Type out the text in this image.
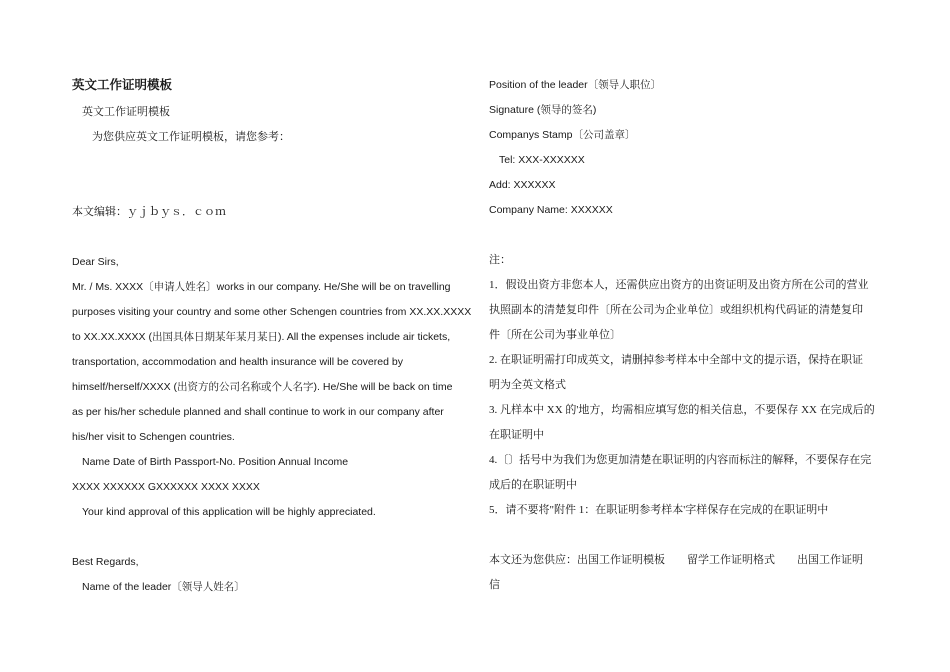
英文工作证明模板
英文工作证明模板
为您供应英文工作证明模板，请您参考：
本文编辑：ｙｊｂｙｓ．ｃｏｍ
Dear Sirs,
Mr. / Ms. XXXX〔申请人姓名〕works in our company. He/She will be on travelling
purposes visiting your country and some other Schengen countries from XX.XX.XXXX
to XX.XX.XXXX (出国具体日期某年某月某日). All the expenses include air tickets,
transportation, accommodation and health insurance will be covered by
himself/herself/XXXX (出资方的公司名称或个人名字). He/She will be back on time
as per his/her schedule planned and shall continue to work in our company after
his/her visit to Schengen countries.
Name Date of Birth Passport-No. Position Annual Income
XXXX XXXXXX GXXXXXX XXXX XXXX
Your kind approval of this application will be highly appreciated.
Best Regards,
Name of the leader〔领导人姓名〕
Position of the leader〔领导人职位〕
Signature (领导的签名)
Companys Stamp〔公司盖章〕
Tel: XXX-XXXXXX
Add: XXXXXX
Company Name: XXXXXX
注：
1．假设出资方非您本人，还需供应出资方的出资证明及出资方所在公司的营业
执照副本的清楚复印件〔所在公司为企业单位〕或组织机构代码证的清楚复印
件〔所在公司为事业单位〕
2. 在职证明需打印成英文，请删掉参考样本中全部中文的提示语，保持在职证
明为全英文格式
3. 凡样本中 XX 的'地方，均需相应填写您的相关信息，不要保存 XX 在完成后的
在职证明中
4.〔〕括号中为我们为您更加清楚在职证明的内容而标注的解释，不要保存在完
成后的在职证明中
5．请不要将"附件 1：在职证明参考样本'字样保存在完成的在职证明中
本文还为您供应：出国工作证明模板　　留学工作证明格式　　出国工作证明
信
